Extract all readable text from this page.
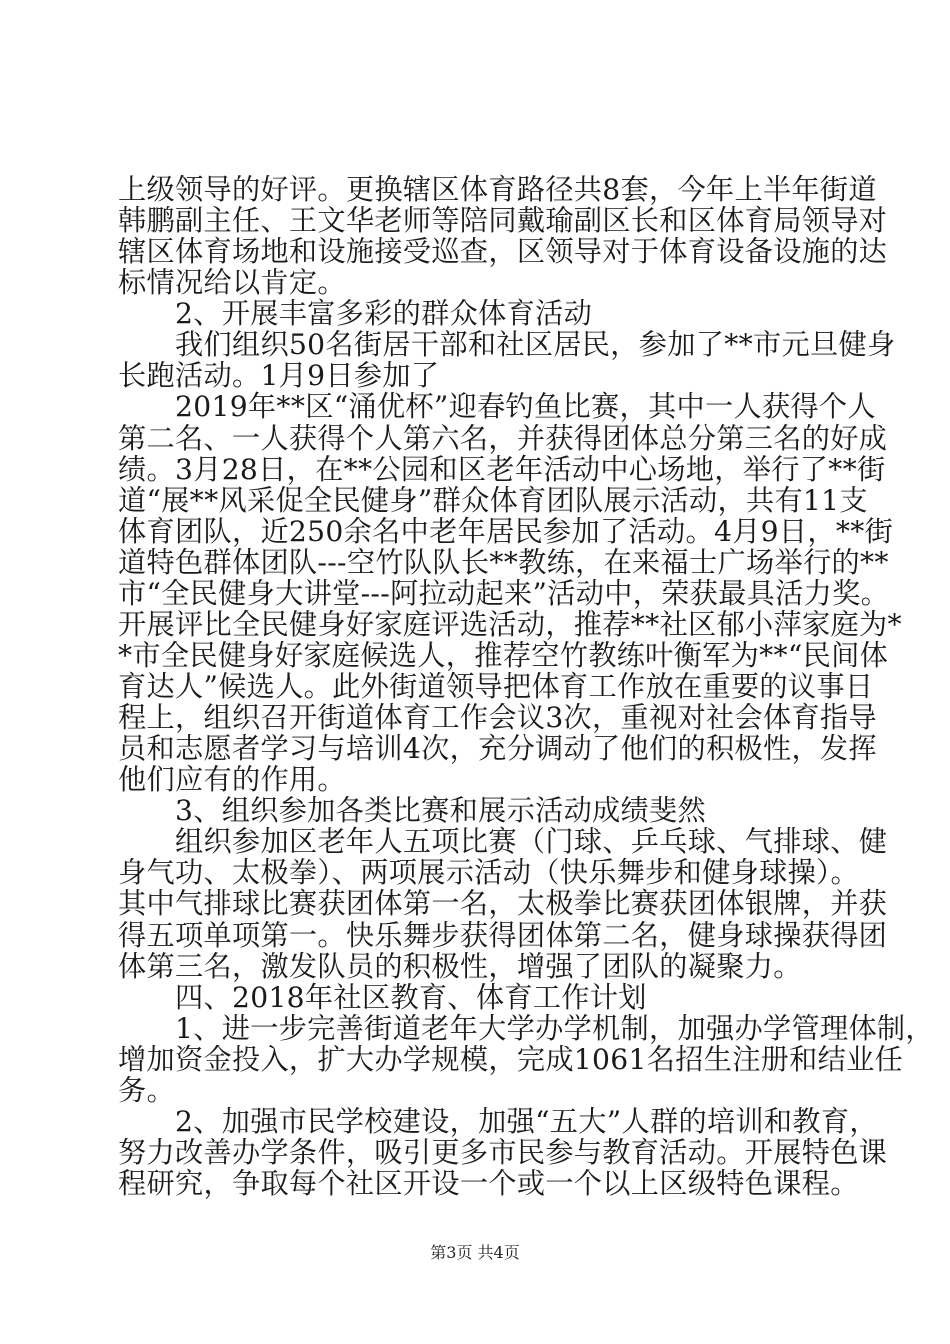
上级领导的好评。更换辖区体育路径共8套，今年上半年街道
韩鹏副主任、王文华老师等陪同戴瑜副区长和区体育局领导对
辖区体育场地和设施接受巡查，区领导对于体育设备设施的达
标情况给以肯定。
2、开展丰富多彩的群众体育活动
我们组织50名街居干部和社区居民，参加了**市元旦健身
长跑活动。1月9日参加了
2019年**区“涌优杯”迎春钓鱼比赛，其中一人获得个人
第二名、一人获得个人第六名，并获得团体总分第三名的好成
绩。3月28日，在**公园和区老年活动中心场地，举行了**街
道“展**风采促全民健身”群众体育团队展示活动，共有11支
体育团队，近250余名中老年居民参加了活动。4月9日，**街
道特色群体团队---空竹队队长**教练，在来福士广场举行的**
市“全民健身大讲堂---阿拉动起来”活动中，荣获最具活力奖。
开展评比全民健身好家庭评选活动，推荐**社区郁小萍家庭为*
*市全民健身好家庭候选人，推荐空竹教练叶衡军为**“民间体
育达人”候选人。此外街道领导把体育工作放在重要的议事日
程上，组织召开街道体育工作会议3次，重视对社会体育指导
员和志愿者学习与培训4次，充分调动了他们的积极性，发挥
他们应有的作用。
3、组织参加各类比赛和展示活动成绩斐然
组织参加区老年人五项比赛（门球、乒乓球、气排球、健
身气功、太极拳）、两项展示活动（快乐舞步和健身球操）。
其中气排球比赛获团体第一名，太极拳比赛获团体银牌，并获
得五项单项第一。快乐舞步获得团体第二名，健身球操获得团
体第三名，激发队员的积极性，增强了团队的凝聚力。
四、2018年社区教育、体育工作计划
1、进一步完善街道老年大学办学机制，加强办学管理体制，
增加资金投入，扩大办学规模，完成1061名招生注册和结业任
务。
2、加强市民学校建设，加强“五大”人群的培训和教育，
努力改善办学条件，吸引更多市民参与教育活动。开展特色课
程研究，争取每个社区开设一个或一个以上区级特色课程。
第3页 共4页
